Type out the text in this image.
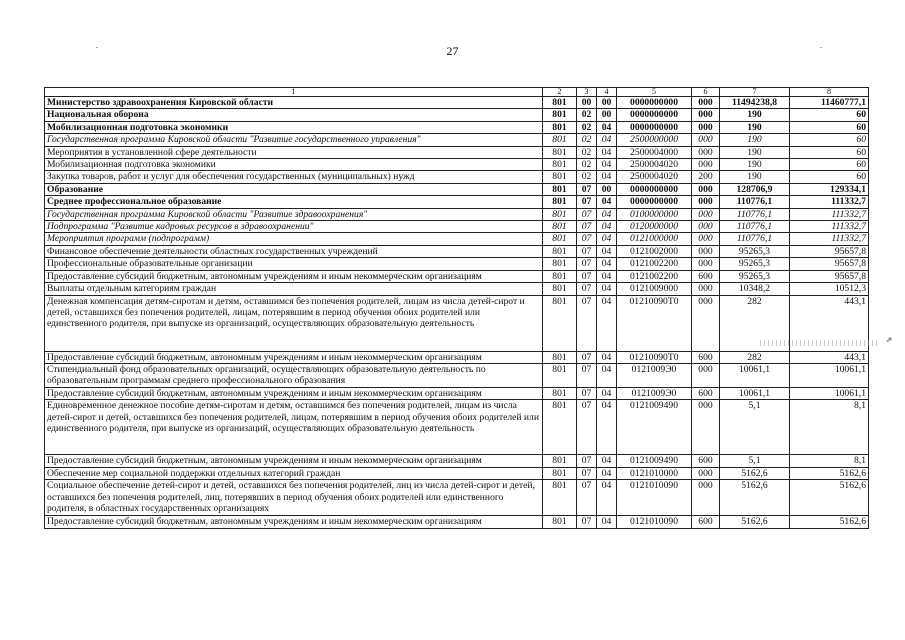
27
1	2	3	4	5	6	7	8
Министерство здравоохранения Кировской области	801	00	00	0000000000	000	11494238,8	11460777,1
Национальная оборона	801	02	00	0000000000	000	190	60
Мобилизационная подготовка экономики	801	02	04	0000000000	000	190	60
Государственная программа Кировской области "Развитие государственного управления"	801	02	04	2500000000	000	190	60
Мероприятия в установленной сфере деятельности	801	02	04	2500004000	000	190	60
Мобилизационная подготовка экономики	801	02	04	2500004020	000	190	60
Закупка товаров, работ и услуг для обеспечения государственных (муниципальных) нужд	801	02	04	2500004020	200	190	60
Образование	801	07	00	0000000000	000	128706,9	129334,1
Среднее профессиональное образование	801	07	04	0000000000	000	110776,1	111332,7
Государственная программа Кировской области "Развитие здравоохранения"	801	07	04	0100000000	000	110776,1	111332,7
Подпрограмма "Развитие кадровых ресурсов в здравоохранении"	801	07	04	0120000000	000	110776,1	111332,7
Мероприятия программ (подпрограмм)	801	07	04	0121000000	000	110776,1	111332,7
Финансовое обеспечение деятельности областных государственных учреждений	801	07	04	0121002000	000	95265,3	95657,8
Профессиональные образовательные организации	801	07	04	0121002200	000	95265,3	95657,8
Предоставление субсидий бюджетным, автономным учреждениям и иным некоммерческим организациям	801	07	04	0121002200	600	95265,3	95657,8
Выплаты отдельным категориям граждан	801	07	04	0121009000	000	10348,2	10512,3
Денежная компенсация детям-сиротам и детям, оставшимся без попечения родителей, лицам из числа детей-сирот и детей, оставшихся без попечения родителей, лицам, потерявшим в период обучения обоих родителей или единственного родителя, при выпуске из организаций, осуществляющих образовательную деятельность	801	07	04	01210090Т0	000	282	443,1
Предоставление субсидий бюджетным, автономным учреждениям и иным некоммерческим организациям	801	07	04	01210090Т0	600	282	443,1
Стипендиальный фонд образовательных организаций, осуществляющих образовательную деятельность по образовательным программам среднего профессионального образования	801	07	04	0121009Э0	000	10061,1	10061,1
Предоставление субсидий бюджетным, автономным учреждениям и иным некоммерческим организациям	801	07	04	0121009Э0	600	10061,1	10061,1
Единовременное денежное пособие детям-сиротам и детям, оставшимся без попечения родителей, лицам из числа детей-сирот и детей, оставшихся без попечения родителей, лицам, потерявшим в период обучения обоих родителей или единственного родителя, при выпуске из организаций, осуществляющих образовательную деятельность	801	07	04	0121009490	000	5,1	8,1
Предоставление субсидий бюджетным, автономным учреждениям и иным некоммерческим организациям	801	07	04	0121009490	600	5,1	8,1
Обеспечение мер социальной поддержки отдельных категорий граждан	801	07	04	0121010000	000	5162,6	5162,6
Социальное обеспечение детей-сирот и детей, оставшихся без попечения родителей, лиц из числа детей-сирот и детей, оставшихся без попечения родителей, лиц, потерявших в период обучения обоих родителей или единственного родителя, в областных государственных организациях	801	07	04	0121010090	000	5162,6	5162,6
Предоставление субсидий бюджетным, автономным учреждениям и иным некоммерческим организациям	801	07	04	0121010090	600	5162,6	5162,6
